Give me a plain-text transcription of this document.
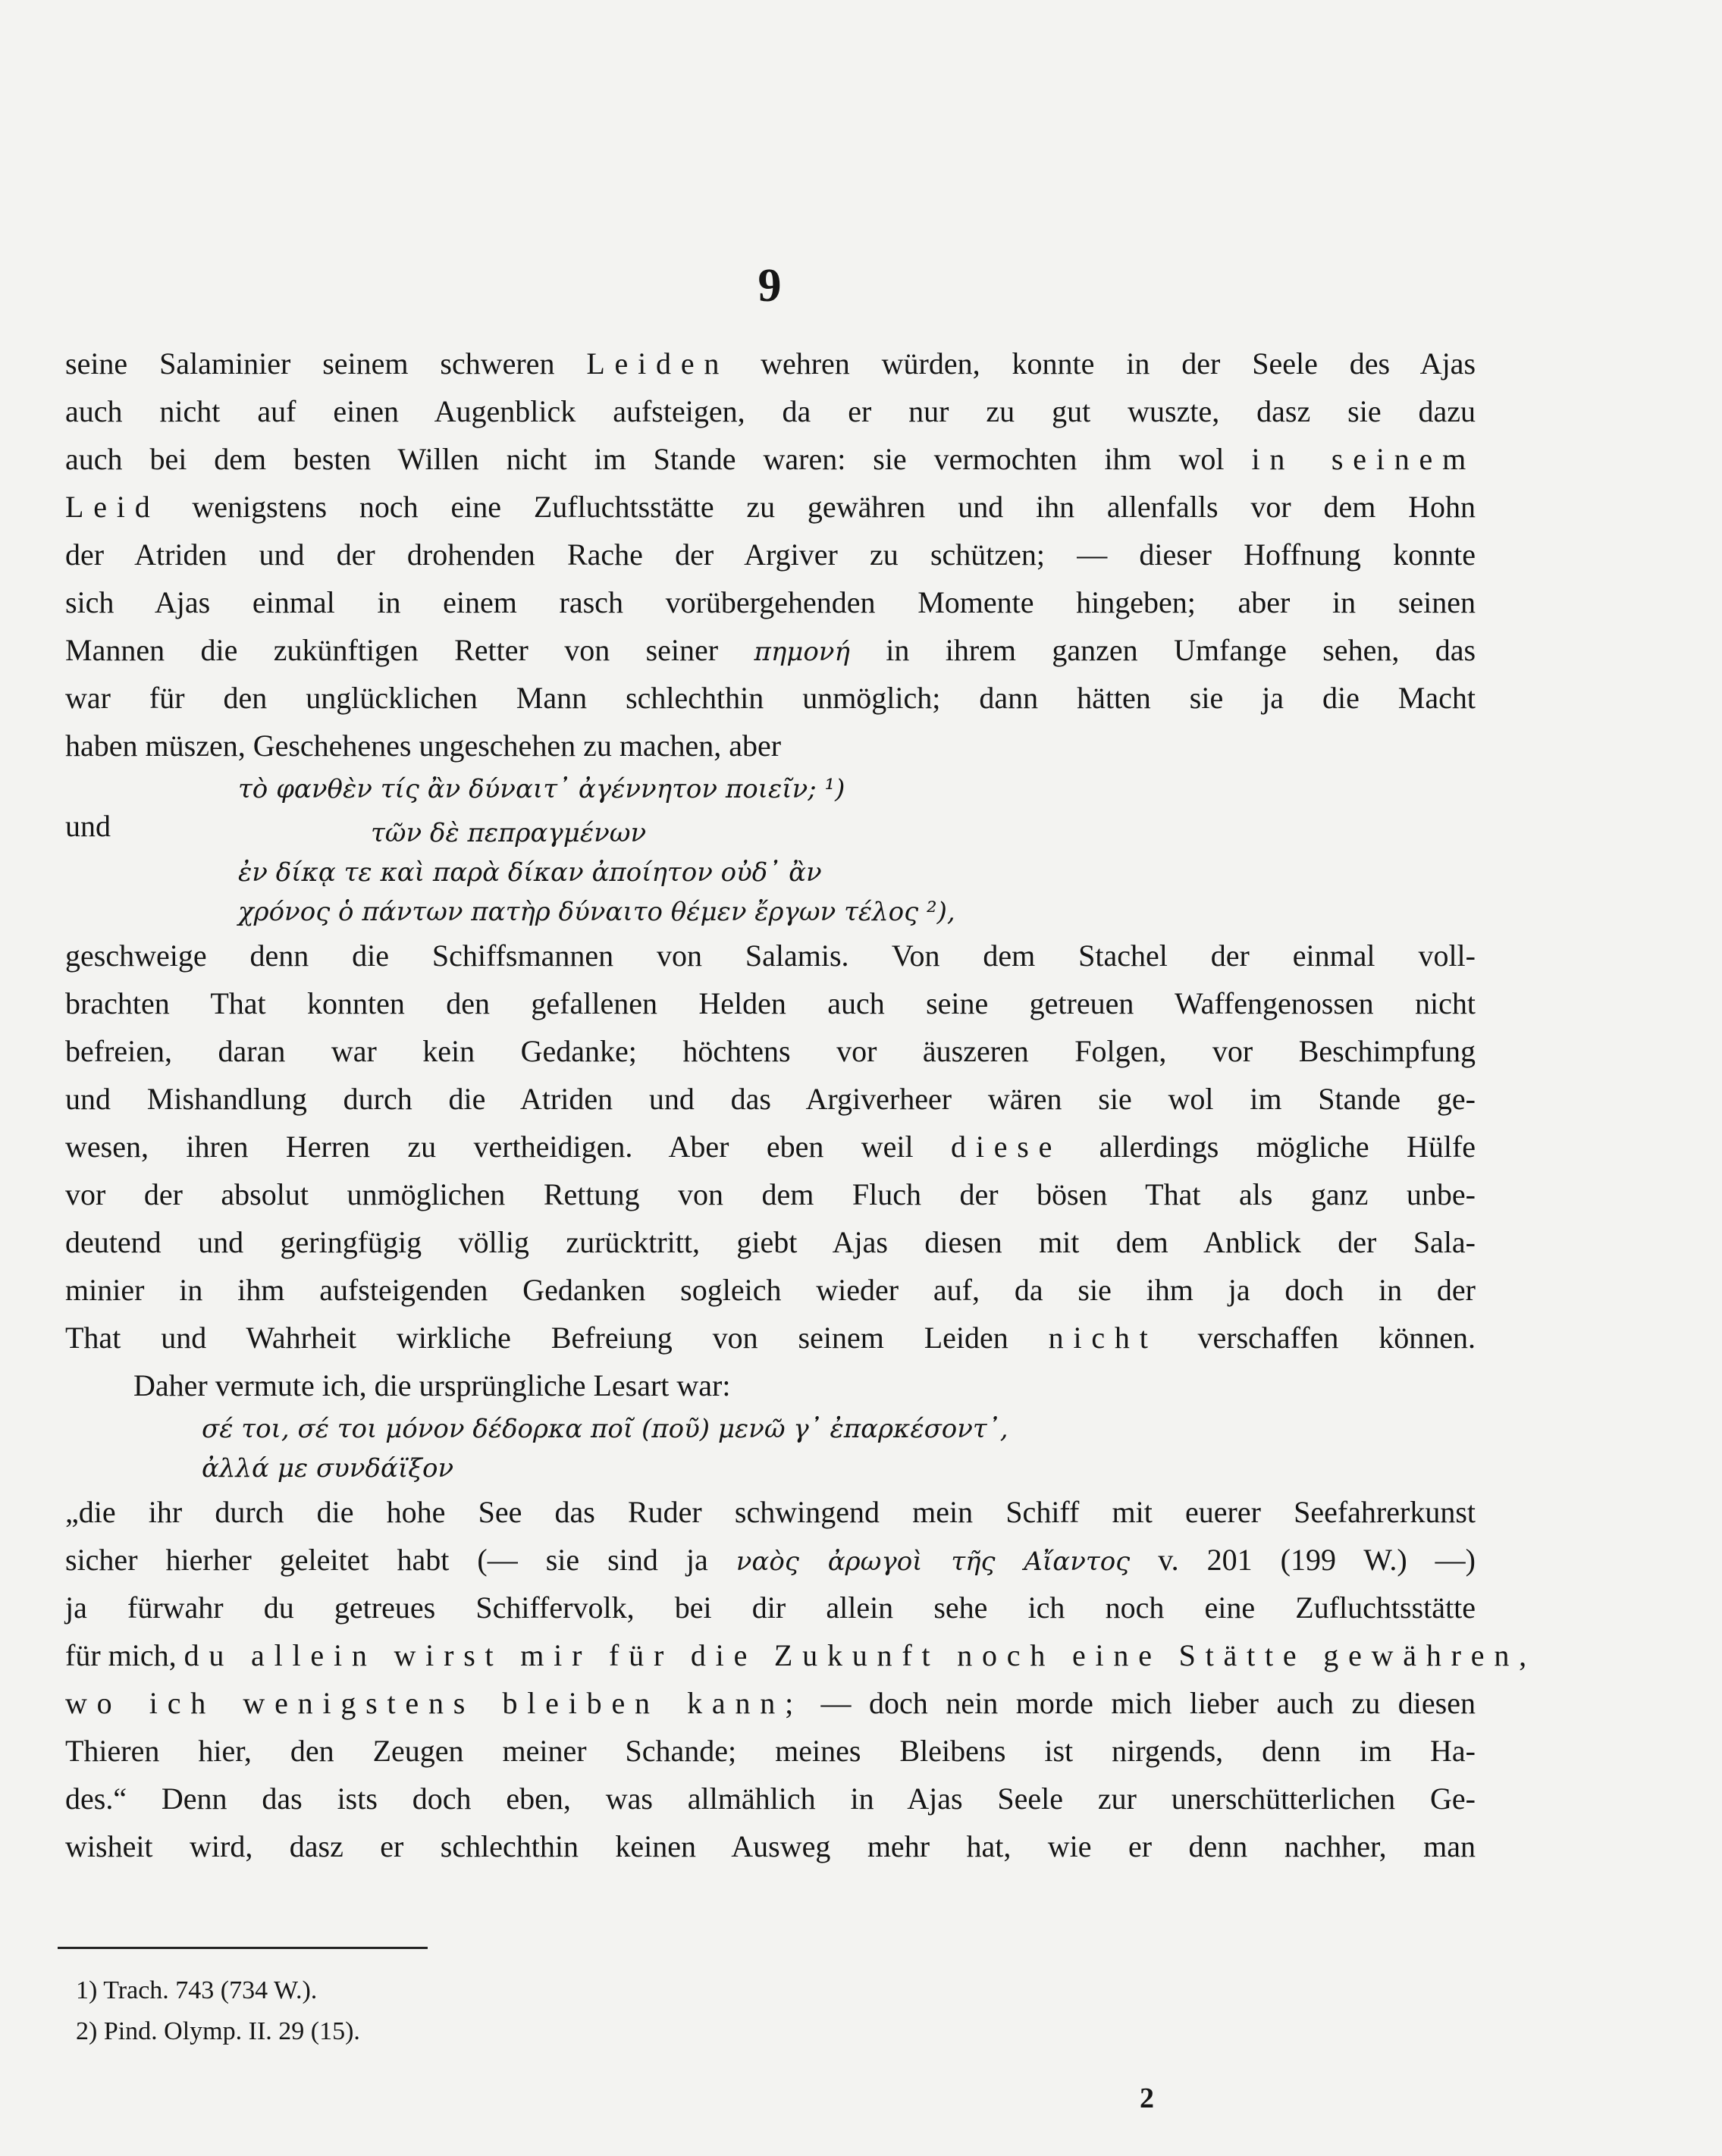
9
seine Salaminier seinem schweren Leiden wehren würden, konnte in der Seele des Ajas
auch nicht auf einen Augenblick aufsteigen, da er nur zu gut wuszte, dasz sie dazu
auch bei dem besten Willen nicht im Stande waren: sie vermochten ihm wol in seinem
Leid wenigstens noch eine Zufluchtsstätte zu gewähren und ihn allenfalls vor dem Hohn
der Atriden und der drohenden Rache der Argiver zu schützen; — dieser Hoffnung konnte
sich Ajas einmal in einem rasch vorübergehenden Momente hingeben; aber in seinen
Mannen die zukünftigen Retter von seiner πημονή in ihrem ganzen Umfange sehen, das
war für den unglücklichen Mann schlechthin unmöglich; dann hätten sie ja die Macht
haben müszen, Geschehenes ungeschehen zu machen, aber
τὸ φανθὲν τίς ἂν δύναιτ᾽ ἀγέννητον ποιεῖν; ¹)
und	τῶν δὲ πεπραγμένων
ἐν δίκᾳ τε καὶ παρὰ δίκαν ἀποίητον οὐδ᾽ ἂν
χρόνος ὁ πάντων πατὴρ δύναιτο θέμεν ἔργων τέλος ²),
geschweige denn die Schiffsmannen von Salamis. Von dem Stachel der einmal voll-
brachten That konnten den gefallenen Helden auch seine getreuen Waffengenossen nicht
befreien, daran war kein Gedanke; höchtens vor äuszeren Folgen, vor Beschimpfung
und Mishandlung durch die Atriden und das Argiverheer wären sie wol im Stande ge-
wesen, ihren Herren zu vertheidigen. Aber eben weil diese allerdings mögliche Hülfe
vor der absolut unmöglichen Rettung von dem Fluch der bösen That als ganz unbe-
deutend und geringfügig völlig zurücktritt, giebt Ajas diesen mit dem Anblick der Sala-
minier in ihm aufsteigenden Gedanken sogleich wieder auf, da sie ihm ja doch in der
That und Wahrheit wirkliche Befreiung von seinem Leiden nicht verschaffen können.
Daher vermute ich, die ursprüngliche Lesart war:
σέ τοι, σέ τοι μόνον δέδορκα ποῖ (ποῦ) μενῶ γ᾽ ἐπαρκέσοντ᾽,
ἀλλά με συνδάϊξον
„die ihr durch die hohe See das Ruder schwingend mein Schiff mit euerer Seefahrerkunst
sicher hierher geleitet habt (— sie sind ja ναὸς ἀρωγοὶ τῆς Αἴαντος v. 201 (199 W.) —)
ja fürwahr du getreues Schiffervolk, bei dir allein sehe ich noch eine Zufluchtsstätte
für mich, du allein wirst mir für die Zukunft noch eine Stätte gewähren,
wo ich wenigstens bleiben kann; — doch nein morde mich lieber auch zu diesen
Thieren hier, den Zeugen meiner Schande; meines Bleibens ist nirgends, denn im Ha-
des.“ Denn das ists doch eben, was allmählich in Ajas Seele zur unerschütterlichen Ge-
wisheit wird, dasz er schlechthin keinen Ausweg mehr hat, wie er denn nachher, man
1) Trach. 743 (734 W.).
2) Pind. Olymp. II. 29 (15).
2
